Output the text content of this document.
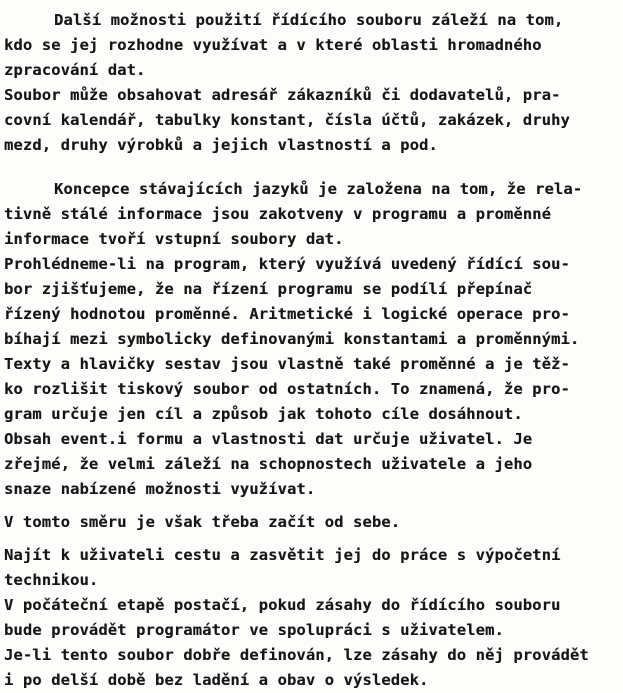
Další možnosti použití řídícího souboru záleží na tom,
kdo se jej rozhodne využívat a v které oblasti hromadného
zpracování dat.
Soubor může obsahovat adresář zákazníků či dodavatelů, pra-
covní kalendář, tabulky konstant, čísla účtů, zakázek, druhy
mezd, druhy výrobků a jejich vlastností a pod.
Koncepce stávajících jazyků je založena na tom, že rela-
tivně stálé informace jsou zakotveny v programu a proměnné
informace tvoří vstupní soubory dat.
Prohlédneme-li na program, který využívá uvedený řídící sou-
bor zjišťujeme, že na řízení programu se podílí přepínač
řízený hodnotou proměnné. Aritmetické i logické operace pro-
bíhají mezi symbolicky definovanými konstantami a proměnnými.
Texty a hlavičky sestav jsou vlastně také proměnné a je těž-
ko rozlišit tiskový soubor od ostatních. To znamená, že pro-
gram určuje jen cíl a způsob jak tohoto cíle dosáhnout.
Obsah event.i formu a vlastnosti dat určuje uživatel. Je
zřejmé, že velmi záleží na schopnostech uživatele a jeho
snaze nabízené možnosti využívat.
V tomto směru je však třeba začít od sebe.
Najít k uživateli cestu a zasvětit jej do práce s výpočetní
technikou.
V počáteční etapě postačí, pokud zásahy do řídícího souboru
bude provádět programátor ve spolupráci s uživatelem.
Je-li tento soubor dobře definován, lze zásahy do něj provádět
i po delší době bez ladění a obav o výsledek.
